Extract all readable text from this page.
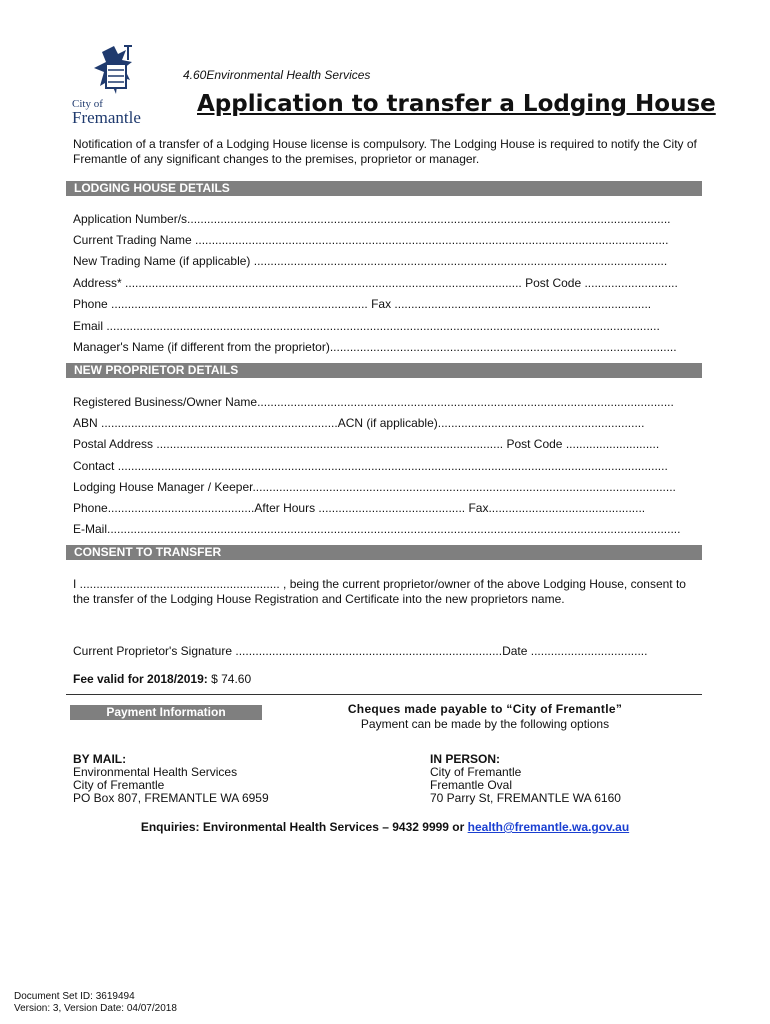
City of
Fremantle
4.60Environmental Health Services
Application to transfer a Lodging House
Notification of a transfer of a Lodging House license is compulsory. The Lodging House is required to notify the City of Fremantle of any significant changes to the premises, proprietor or manager.
LODGING HOUSE DETAILS
Application Number/s.................................................................................................................................................
Current Trading Name ..............................................................................................................................................
New Trading Name (if applicable) ............................................................................................................................
Address* ....................................................................................................................... Post Code ............................
Phone ............................................................................. Fax .............................................................................
Email ......................................................................................................................................................................
Manager's Name (if different from the proprietor)........................................................................................................
NEW PROPRIETOR DETAILS
Registered Business/Owner Name.............................................................................................................................
ABN .......................................................................ACN (if applicable)..............................................................
Postal Address ........................................................................................................ Post Code ............................
Contact .....................................................................................................................................................................
Lodging House Manager / Keeper...............................................................................................................................
Phone............................................After Hours ............................................ Fax...............................................
E-Mail............................................................................................................................................................................
CONSENT TO TRANSFER
I ............................................................ , being the current proprietor/owner of the above Lodging House, consent to the transfer of the Lodging House Registration and Certificate into the new proprietors name.
Current Proprietor's Signature ................................................................................Date ...................................
Fee valid for 2018/2019: $ 74.60
Payment Information	Cheques made payable to “City of Fremantle”
Payment can be made by the following options
BY MAIL:
Environmental Health Services
City of Fremantle
PO Box 807, FREMANTLE WA 6959
IN PERSON:
City of Fremantle
Fremantle Oval
70 Parry St, FREMANTLE WA 6160
Enquiries: Environmental Health Services – 9432 9999 or health@fremantle.wa.gov.au
Document Set ID: 3619494
Version: 3, Version Date: 04/07/2018
